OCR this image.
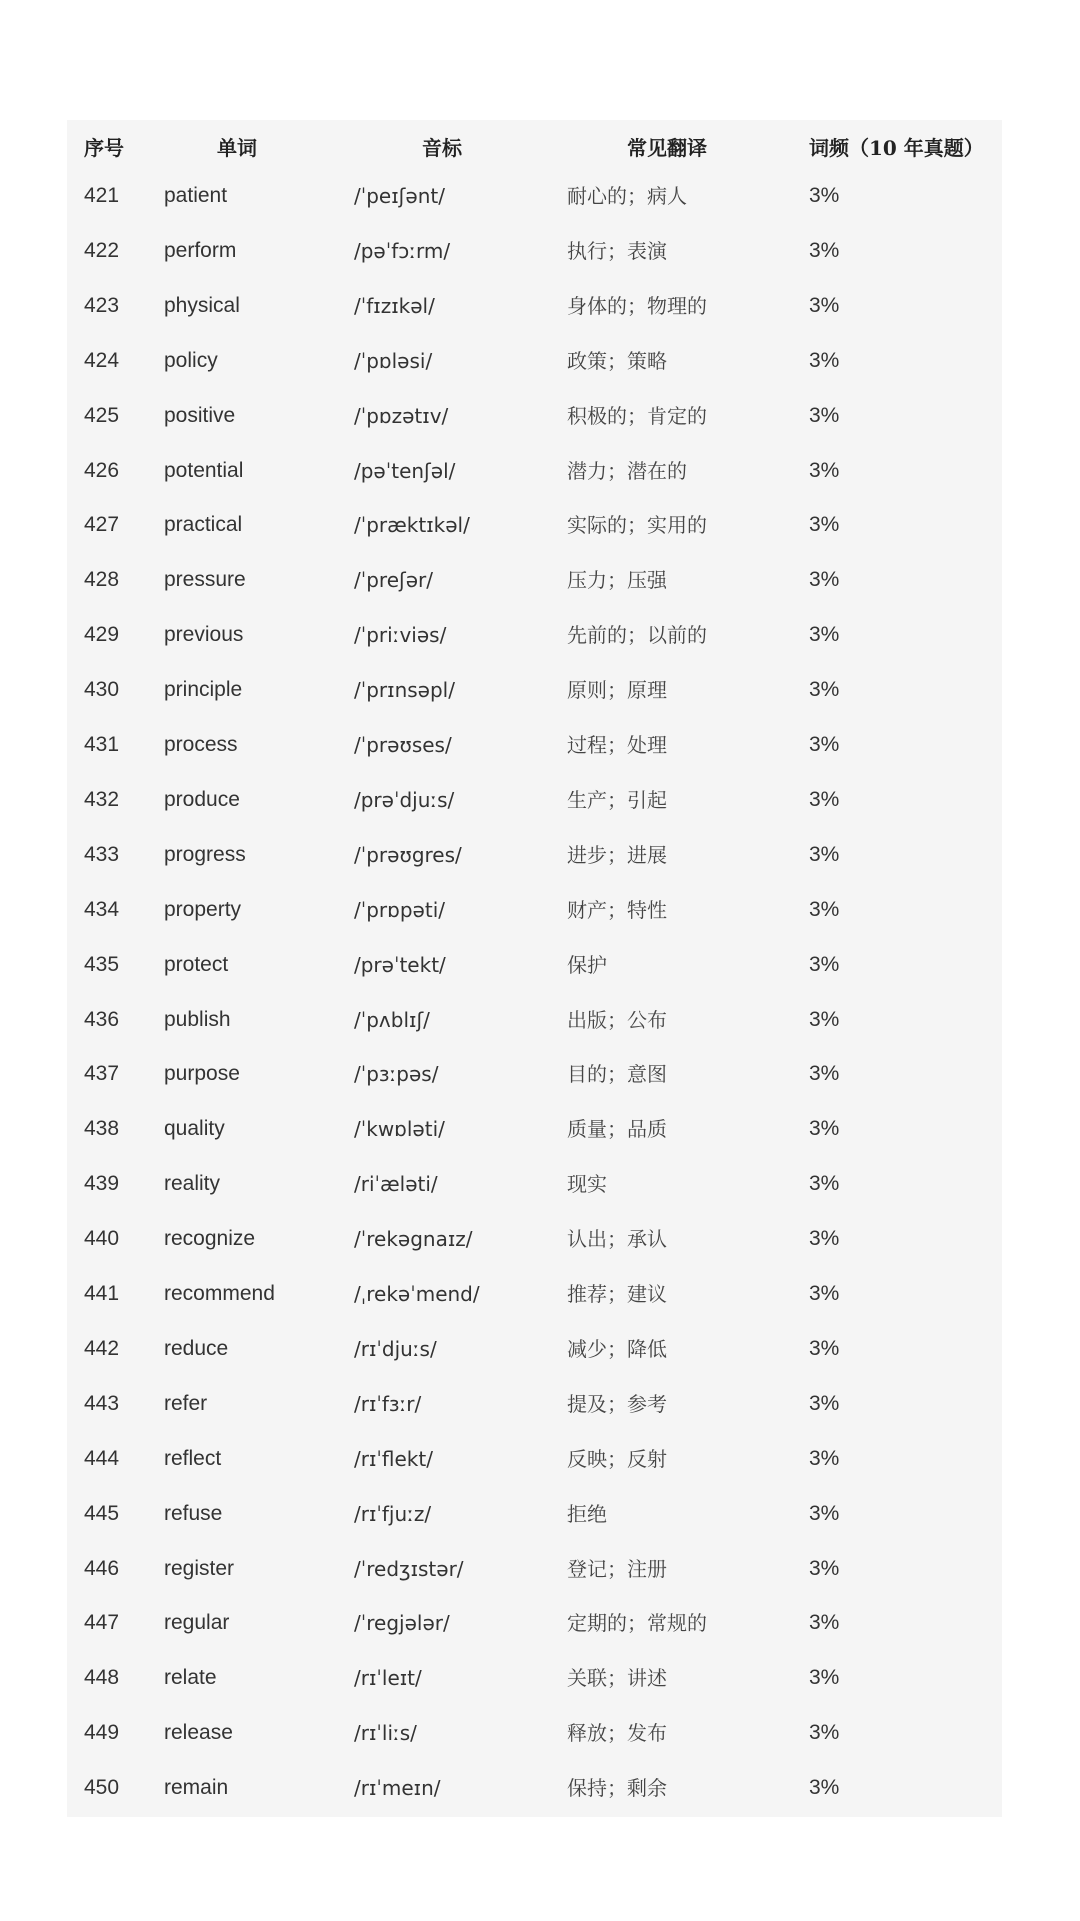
序号	单词	音标	常见翻译	词频（10 年真题）
421 patient	/ˈpeɪʃənt/	耐心的；病人	3%
422 perform	/pəˈfɔːrm/	执行；表演	3%
423 physical	/ˈfɪzɪkəl/	身体的；物理的	3%
424 policy	/ˈpɒləsi/	政策；策略	3%
425 positive	/ˈpɒzətɪv/	积极的；肯定的	3%
426 potential	/pəˈtenʃəl/	潜力；潜在的	3%
427 practical	/ˈpræktɪkəl/	实际的；实用的	3%
428 pressure	/ˈpreʃər/	压力；压强	3%
429 previous	/ˈpriːviəs/	先前的；以前的	3%
430 principle	/ˈprɪnsəpl/	原则；原理	3%
431 process	/ˈprəʊses/	过程；处理	3%
432 produce	/prəˈdjuːs/	生产；引起	3%
433 progress	/ˈprəʊgres/	进步；进展	3%
434 property	/ˈprɒpəti/	财产；特性	3%
435 protect	/prəˈtekt/	保护	3%
436 publish	/ˈpʌblɪʃ/	出版；公布	3%
437 purpose	/ˈpɜːpəs/	目的；意图	3%
438 quality	/ˈkwɒləti/	质量；品质	3%
439 reality	/riˈæləti/	现实	3%
440 recognize	/ˈrekəgnaɪz/	认出；承认	3%
441 recommend	/ˌrekəˈmend/	推荐；建议	3%
442 reduce	/rɪˈdjuːs/	减少；降低	3%
443 refer	/rɪˈfɜːr/	提及；参考	3%
444 reflect	/rɪˈflekt/	反映；反射	3%
445 refuse	/rɪˈfjuːz/	拒绝	3%
446 register	/ˈredʒɪstər/	登记；注册	3%
447 regular	/ˈregjələr/	定期的；常规的	3%
448 relate	/rɪˈleɪt/	关联；讲述	3%
449 release	/rɪˈliːs/	释放；发布	3%
450 remain	/rɪˈmeɪn/	保持；剩余	3%
